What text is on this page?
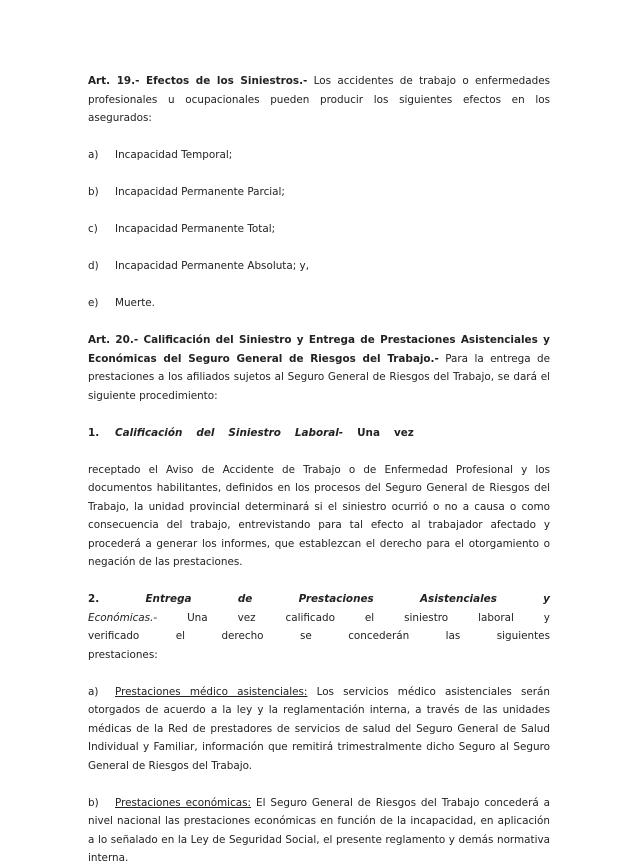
Art. 19.- Efectos de los Siniestros.- Los accidentes de trabajo o enfermedades profesionales u ocupacionales pueden producir los siguientes efectos en los asegurados:

a)	Incapacidad Temporal;
b)	Incapacidad Permanente Parcial;
c)	Incapacidad Permanente Total;
d)	Incapacidad Permanente Absoluta; y,
e)	Muerte.
Art. 20.- Calificación del Siniestro y Entrega de Prestaciones Asistenciales y

Económicas del Seguro General de Riesgos del Trabajo.- Para la entrega de prestaciones a los afiliados sujetos al Seguro General de Riesgos del Trabajo, se dará el siguiente procedimiento:

1.	Calificación del Siniestro Laboral- Una vez

receptado el Aviso de Accidente de Trabajo o de Enfermedad Profesional y los documentos habilitantes, definidos en los procesos del Seguro General de Riesgos del Trabajo, la unidad provincial determinará si el siniestro ocurrió o no a causa o como consecuencia del trabajo, entrevistando para tal efecto al trabajador afectado y procederá a generar los informes, que establezcan el derecho para el otorgamiento o negación de las prestaciones.

2.	Entrega	de	Prestaciones	Asistenciales	y
Económicas.-	Una	vez	calificado	el	siniestro	laboral	y
verificado	el	derecho	se	concederán	las	siguientes

prestaciones:

a) Prestaciones médico asistenciales: Los servicios médico asistenciales serán otorgados de acuerdo a la ley y la reglamentación interna, a través de las unidades médicas de la Red de prestadores de servicios de salud del Seguro General de Salud Individual y Familiar, información que remitirá trimestralmente dicho Seguro al Seguro General de Riesgos del Trabajo.

b) Prestaciones económicas: El Seguro General de Riesgos del Trabajo concederá a nivel nacional las prestaciones económicas en función de la incapacidad, en aplicación a lo señalado en la Ley de Seguridad Social, el presente reglamento y demás normativa interna.
